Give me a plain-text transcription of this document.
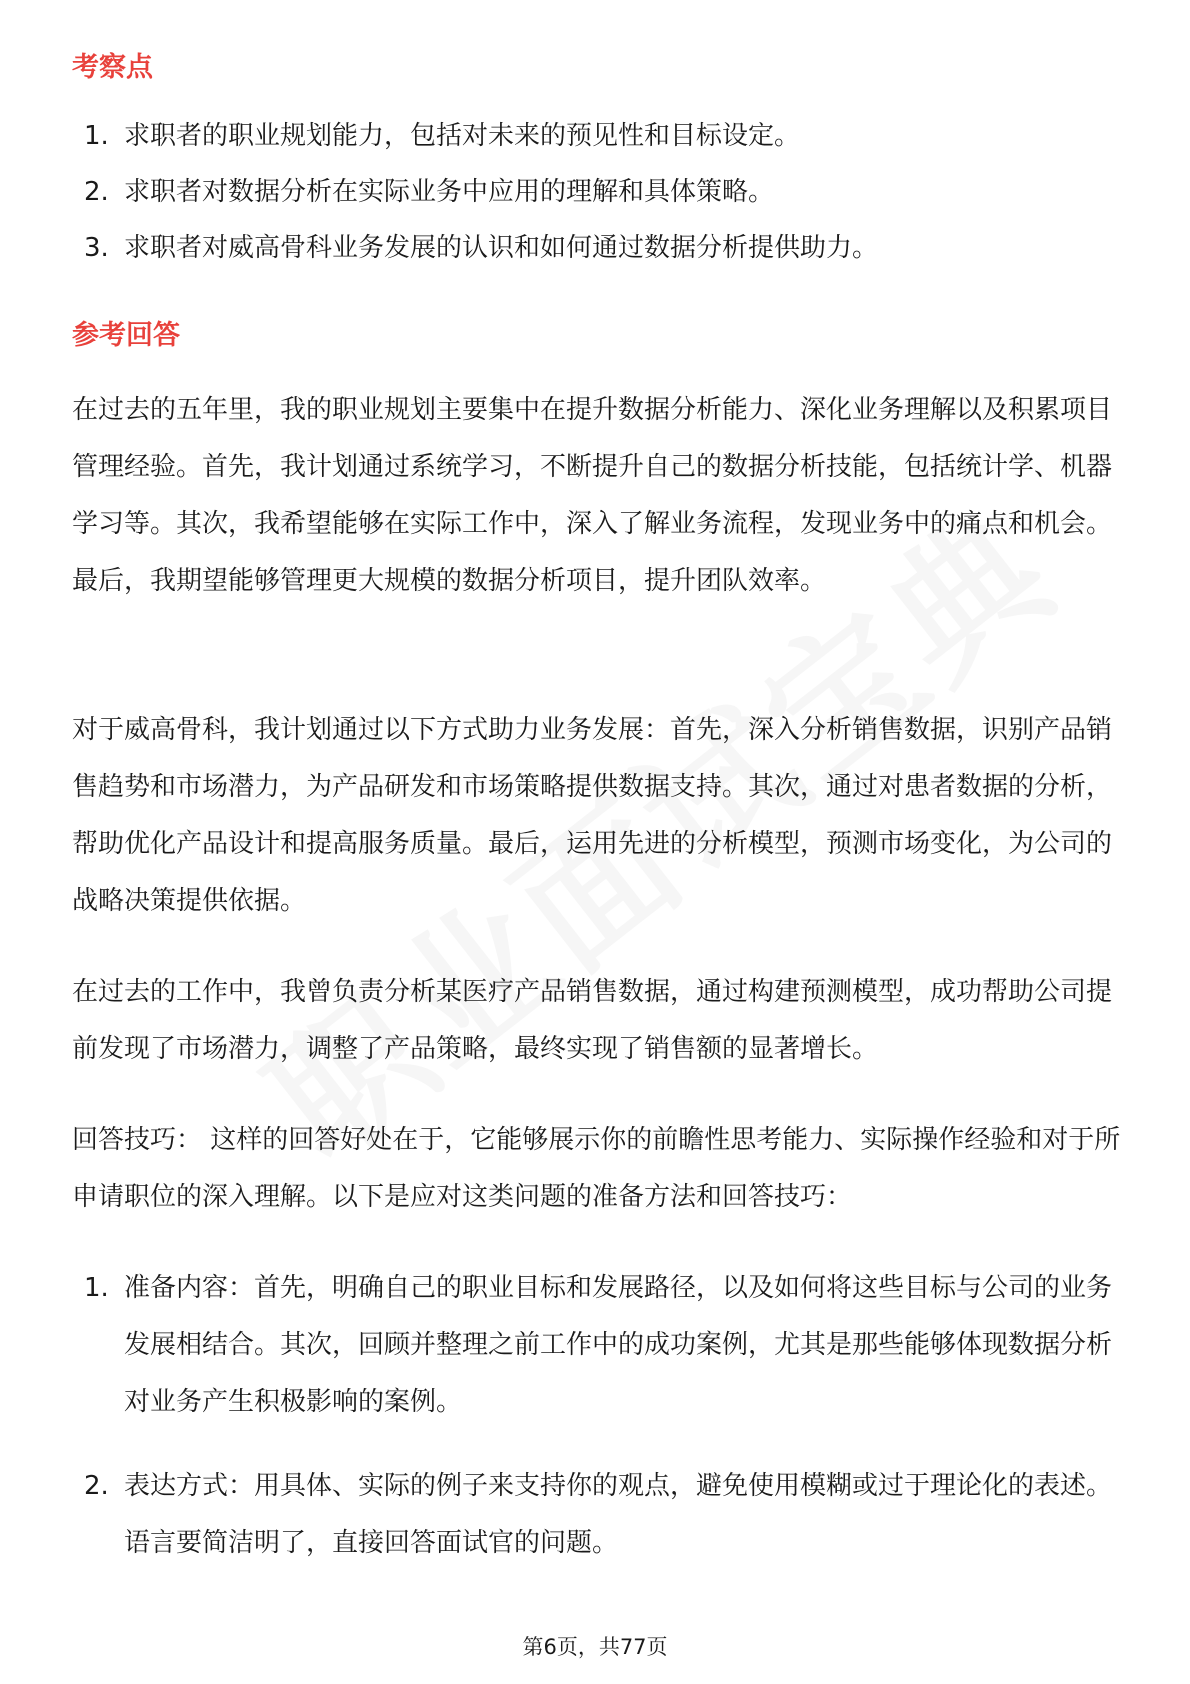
考察点
1. 求职者的职业规划能力，包括对未来的预见性和目标设定。
2. 求职者对数据分析在实际业务中应用的理解和具体策略。
3. 求职者对威高骨科业务发展的认识和如何通过数据分析提供助力。
参考回答

在过去的五年里，我的职业规划主要集中在提升数据分析能力、深化业务理解以及积累项目管理经验。首先，我计划通过系统学习，不断提升自己的数据分析技能，包括统计学、机器学习等。其次，我希望能够在实际工作中，深入了解业务流程，发现业务中的痛点和机会。最后，我期望能够管理更大规模的数据分析项目，提升团队效率。

对于威高骨科，我计划通过以下方式助力业务发展：首先，深入分析销售数据，识别产品销售趋势和市场潜力，为产品研发和市场策略提供数据支持。其次，通过对患者数据的分析，帮助优化产品设计和提高服务质量。最后，运用先进的分析模型，预测市场变化，为公司的战略决策提供依据。

在过去的工作中，我曾负责分析某医疗产品销售数据，通过构建预测模型，成功帮助公司提前发现了市场潜力，调整了产品策略，最终实现了销售额的显著增长。

回答技巧： 这样的回答好处在于，它能够展示你的前瞻性思考能力、实际操作经验和对于所申请职位的深入理解。以下是应对这类问题的准备方法和回答技巧：

1. 准备内容：首先，明确自己的职业目标和发展路径，以及如何将这些目标与公司的业务发展相结合。其次，回顾并整理之前工作中的成功案例，尤其是那些能够体现数据分析对业务产生积极影响的案例。
2. 表达方式：用具体、实际的例子来支持你的观点，避免使用模糊或过于理论化的表述。语言要简洁明了，直接回答面试官的问题。
第6页，共77页
